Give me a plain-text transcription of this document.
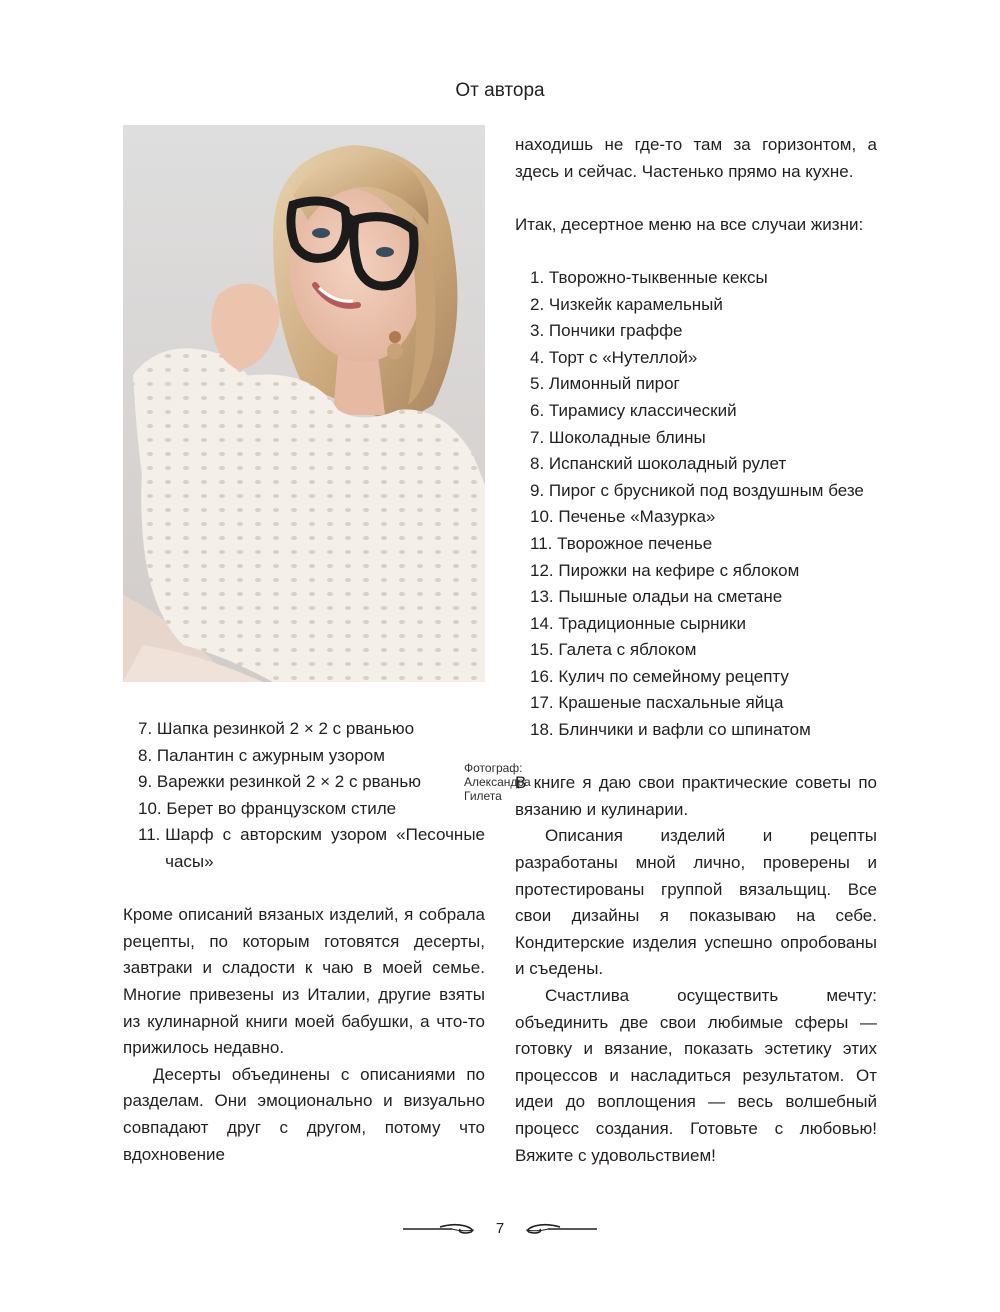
От автора
Фотограф:
Александра Гилета
7. Шапка резинкой 2 × 2 с рваньюо
8. Палантин с ажурным узором
9. Варежки резинкой 2 × 2 с рванью
10. Берет во французском стиле
11. Шарф с авторским узором «Песочные часы»

Кроме описаний вязаных изделий, я собрала рецепты, по которым готовятся десерты, завтраки и сладости к чаю в моей семье. Многие привезены из Италии, другие взяты из кулинарной книги моей бабушки, а что-то прижилось недавно.

Десерты объединены с описаниями по разделам. Они эмоционально и визуально совпадают друг с другом, потому что вдохновение

находишь не где-то там за горизонтом, а здесь и сейчас. Частенько прямо на кухне.

Итак, десертное меню на все случаи жизни:

1. Творожно-тыквенные кексы
2. Чизкейк карамельный
3. Пончики граффе
4. Торт с «Нутеллой»
5. Лимонный пирог
6. Тирамису классический
7. Шоколадные блины
8. Испанский шоколадный рулет
9. Пирог с брусникой под воздушным безе
10. Печенье «Мазурка»
11. Творожное печенье
12. Пирожки на кефире с яблоком
13. Пышные оладьи на сметане
14. Традиционные сырники
15. Галета с яблоком
16. Кулич по семейному рецепту
17. Крашеные пасхальные яйца
18. Блинчики и вафли со шпинатом

В книге я даю свои практические советы по вязанию и кулинарии.

Описания изделий и рецепты разработаны мной лично, проверены и протестированы группой вязальщиц. Все свои дизайны я показываю на себе. Кондитерские изделия успешно опробованы и съедены.

Счастлива осуществить мечту: объединить две свои любимые сферы — готовку и вязание, показать эстетику этих процессов и насладиться результатом. От идеи до воплощения — весь волшебный процесс создания. Готовьте с любовью! Вяжите с удовольствием!

7
